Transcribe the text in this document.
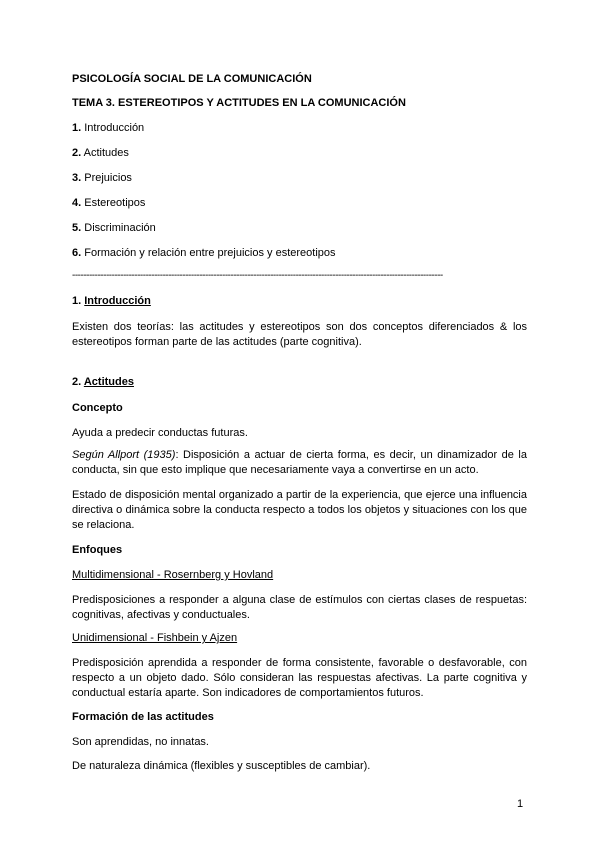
PSICOLOGÍA SOCIAL DE LA COMUNICACIÓN

TEMA 3. ESTEREOTIPOS Y ACTITUDES EN LA COMUNICACIÓN

1. Introducción

2. Actitudes

3. Prejuicios

4. Estereotipos

5. Discriminación

6. Formación y relación entre prejuicios y estereotipos

-----------------------------------------------------------------------------------------------------------------------------------

1. Introducción

Existen dos teorías: las actitudes y estereotipos son dos conceptos diferenciados & los estereotipos forman parte de las actitudes (parte cognitiva).

2. Actitudes

Concepto

Ayuda a predecir conductas futuras.

Según Allport (1935): Disposición a actuar de cierta forma, es decir, un dinamizador de la conducta, sin que esto implique que necesariamente vaya a convertirse en un acto.

Estado de disposición mental organizado a partir de la experiencia, que ejerce una influencia directiva o dinámica sobre la conducta respecto a todos los objetos y situaciones con los que se relaciona.

Enfoques

Multidimensional - Rosernberg y Hovland

Predisposiciones a responder a alguna clase de estímulos con ciertas clases de respuetas: cognitivas, afectivas y conductuales.

Unidimensional - Fishbein y Ajzen

Predisposición aprendida a responder de forma consistente, favorable o desfavorable, con respecto a un objeto dado. Sólo consideran las respuestas afectivas. La parte cognitiva y conductual estaría aparte. Son indicadores de comportamientos futuros.

Formación de las actitudes

Son aprendidas, no innatas.

De naturaleza dinámica (flexibles y susceptibles de cambiar).

1
